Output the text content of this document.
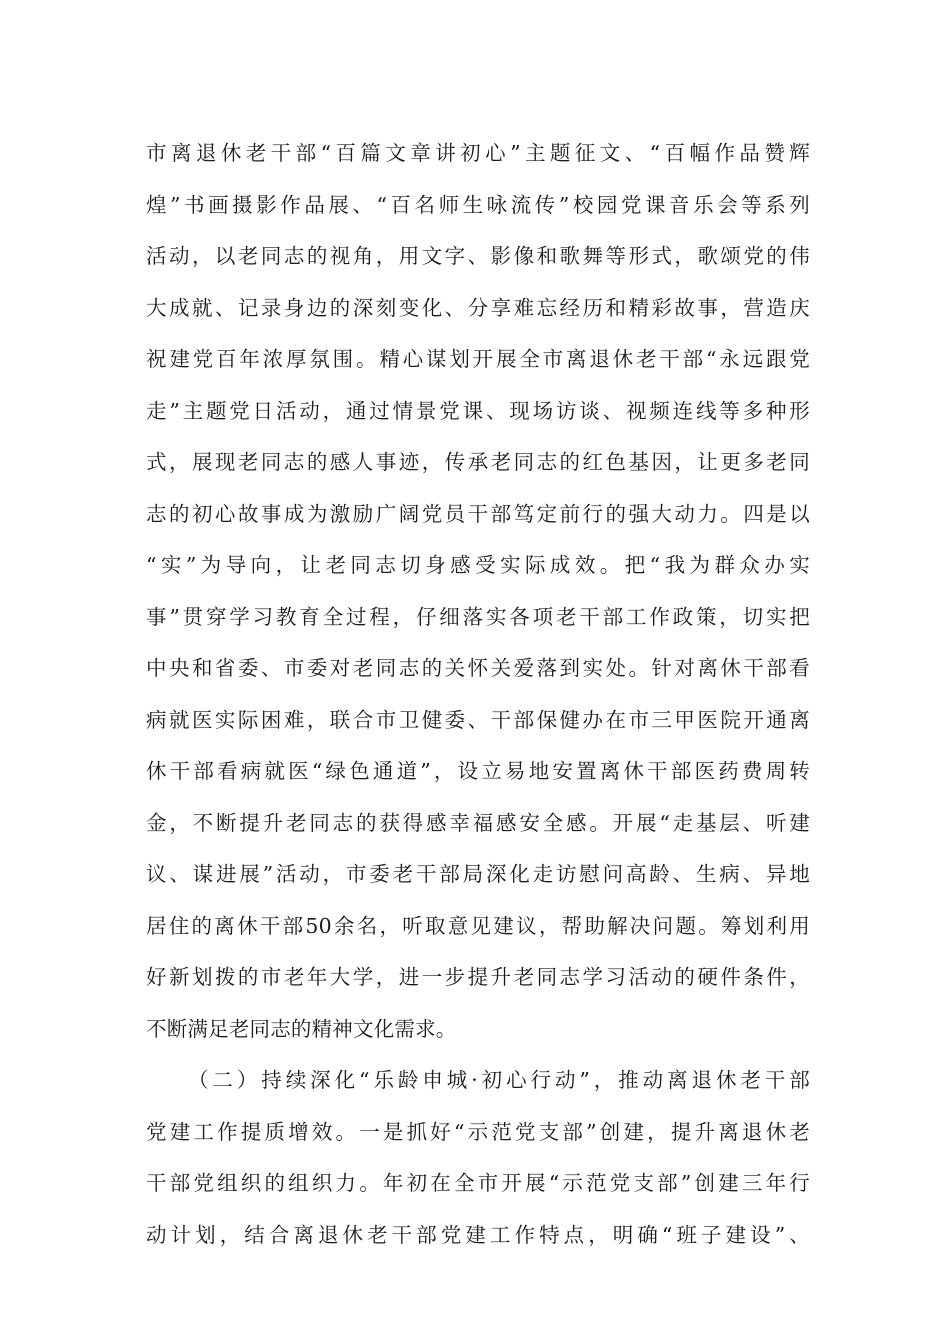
市离退休老干部“百篇文章讲初心”主题征文、“百幅作品赞辉
煌”书画摄影作品展、“百名师生咏流传”校园党课音乐会等系列
活动，以老同志的视角，用文字、影像和歌舞等形式，歌颂党的伟
大成就、记录身边的深刻变化、分享难忘经历和精彩故事，营造庆
祝建党百年浓厚氛围。精心谋划开展全市离退休老干部“永远跟党
走”主题党日活动，通过情景党课、现场访谈、视频连线等多种形
式，展现老同志的感人事迹，传承老同志的红色基因，让更多老同
志的初心故事成为激励广阔党员干部笃定前行的强大动力。四是以
“实”为导向，让老同志切身感受实际成效。把“我为群众办实
事”贯穿学习教育全过程，仔细落实各项老干部工作政策，切实把
中央和省委、市委对老同志的关怀关爱落到实处。针对离休干部看
病就医实际困难，联合市卫健委、干部保健办在市三甲医院开通离
休干部看病就医“绿色通道”，设立易地安置离休干部医药费周转
金，不断提升老同志的获得感幸福感安全感。开展“走基层、听建
议、谋进展”活动，市委老干部局深化走访慰问高龄、生病、异地
居住的离休干部50余名，听取意见建议，帮助解决问题。筹划利用
好新划拨的市老年大学，进一步提升老同志学习活动的硬件条件，
不断满足老同志的精神文化需求。
（二）持续深化“乐龄申城·初心行动”，推动离退休老干部
党建工作提质增效。一是抓好“示范党支部”创建，提升离退休老
干部党组织的组织力。年初在全市开展“示范党支部”创建三年行
动计划，结合离退休老干部党建工作特点，明确“班子建设”、
